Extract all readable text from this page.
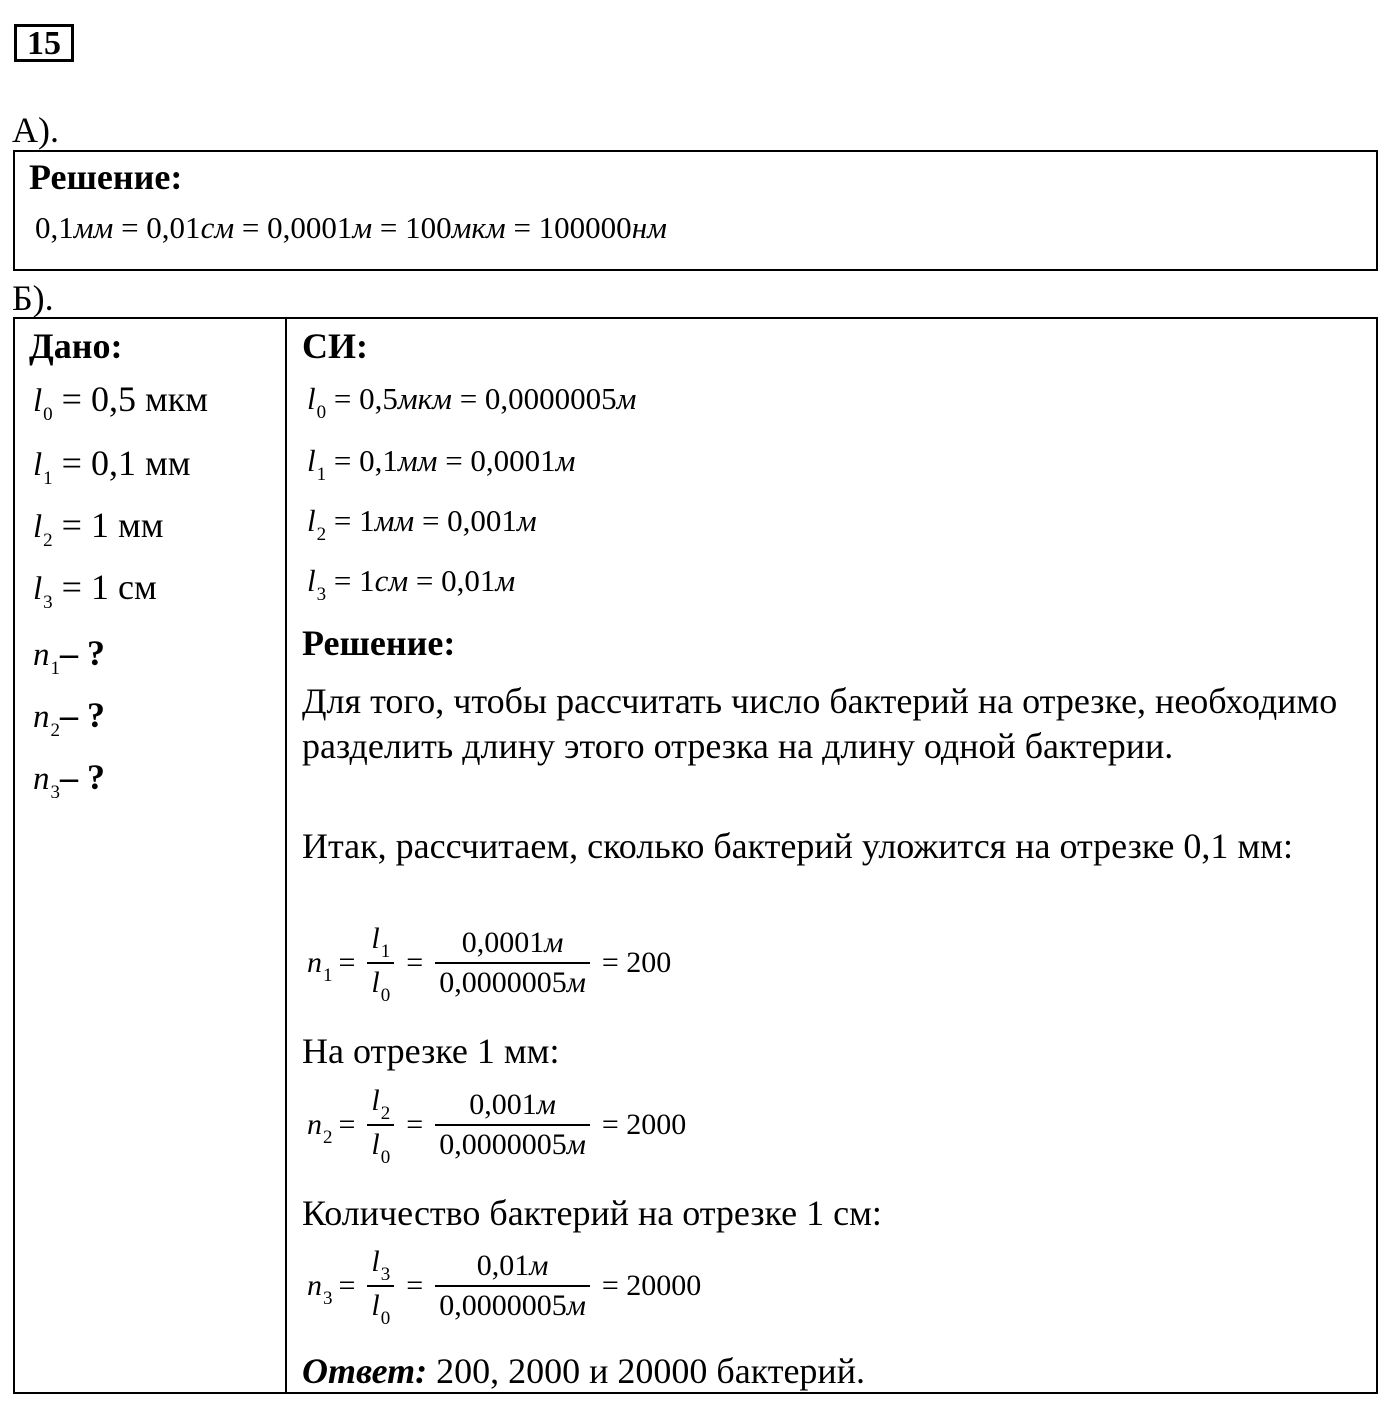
15
А).
Решение:
0,1мм = 0,01см = 0,0001м = 100мкм = 100000нм
Б).
Дано:
$l_0 = 0,5$ мкм
$l_1 = 0,1$ мм
$l_2 = 1$ мм
$l_3 = 1$ см
$n_1-$ ?
$n_2-$ ?
$n_3-$ ?
СИ:
$l_0 = 0,5мкм = 0,0000005м$
$l_1 = 0,1мм = 0,0001м$
$l_2 = 1мм = 0,001м$
$l_3 = 1см = 0,01м$
Решение:
Для того, чтобы рассчитать число бактерий на отрезке, необходимо разделить длину этого отрезка на длину одной бактерии.
Итак, рассчитаем, сколько бактерий уложится на отрезке 0,1 мм:
$n_1 = \frac{l_1}{l_0} = \frac{0,0001м}{0,0000005м} = 200$
На отрезке 1 мм:
$n_2 = \frac{l_2}{l_0} = \frac{0,001м}{0,0000005м} = 2000$
Количество бактерий на отрезке 1 см:
$n_3 = \frac{l_3}{l_0} = \frac{0,01м}{0,0000005м} = 20000$
Ответ: 200, 2000 и 20000 бактерий.
